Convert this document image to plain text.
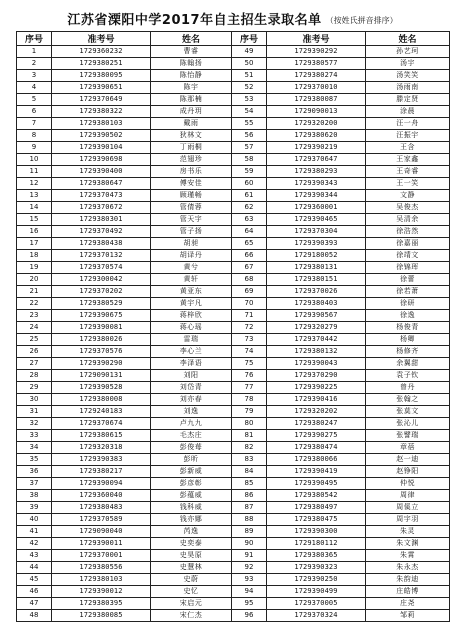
江苏省溧阳中学2017年自主招生录取名单 （按姓氏拼音排序）
序号	准考号	姓名	序号	准考号	姓名
1	1729360232	曹睿	49	1729390292	孙艺珂
2	1729380251	陈翰扬	50	1729380577	汤宇
3	1729380095	陈怡静	51	1729380274	汤笑笑
4	1729390651	陈宇	52	1729370010	汤雨南
5	1729370649	陈那楠	53	1729380087	滕定贤
6	1729380322	成丹玥	54	1729090013	涂晨
7	1729380103	戴雨	55	1729320200	汪一舟
8	1729390502	狄林文	56	1729380620	汪振宇
9	1729390104	丁雨桐	57	1729390219	王含
10	1729390698	范翅珍	58	1729370647	王家鑫
11	1729390400	房书乐	59	1729380293	王奇睿
12	1729380647	傅安佳	60	1729390343	王一笑
13	1729370473	顾瑾畅	61	1729390344	文静
14	1729370672	管倩蓉	62	1729360001	吴俊杰
15	1729380301	管天宇	63	1729390465	吴清余
16	1729370492	管子扬	64	1729370304	徐浩然
17	1729380438	胡昶	65	1729390393	徐嘉丽
18	1729370132	胡译丹	66	1729180052	徐靖文
19	1729370574	黄兮	67	1729380131	徐锦珲
20	1729300042	黄轩	68	1729380151	徐蕾
21	1729370202	黄亚东	69	1729370026	徐若萧
22	1729380529	黄宇凡	70	1729380403	徐研
23	1729390675	蒋梓欣	71	1729390567	徐逸
24	1729390081	蒋心瑶	72	1729320279	杨俊青
25	1729380026	雷瑞	73	1729370442	杨卿
26	1729370576	李心兰	74	1729380132	杨修齐
27	1729390290	李泽语	75	1729390043	余翼甜
28	1729090131	刘阳	76	1729370290	袁子钦
29	1729390528	刘岱青	77	1729390225	曾丹
30	1729380008	刘亦春	78	1729390416	张翰之
31	1729240183	刘逸	79	1729320202	张莫文
32	1729370674	卢九九	80	1729380247	张沁儿
33	1729380615	毛杰庄	81	1729390275	张譬瑞
34	1729320318	彭俊苺	82	1729380474	章蓓
35	1729390383	彭昕	83	1729380066	赵一迪
36	1729380217	彭新威	84	1729390419	赵铮阳
37	1729390094	彭彦彰	85	1729390495	仲悦
38	1729360040	彭蕴威	86	1729380542	周律
39	1729380483	钱科威	87	1729380497	周傒立
40	1729370589	钱亦娜	88	1729380475	周宇羽
41	1729090040	芮逸	89	1729390300	朱灵
42	1729390011	史奕泰	90	1729180112	朱文渊
43	1729370001	史昊原	91	1729380365	朱霄
44	1729380556	史慧林	92	1729390323	朱永杰
45	1729380103	史蔚	93	1729390250	朱韵迪
46	1729390012	史忆	94	1729390499	庄皓博
47	1729380395	宋启元	95	1729370005	庄尧
48	1729380085	宋仁杰	96	1729370324	邹莉
